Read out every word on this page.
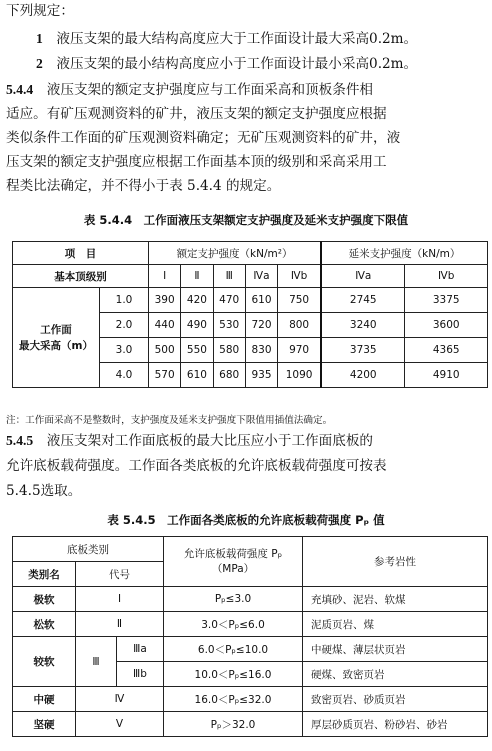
下列规定：
1　 液压支架的最大结构高度应大于工作面设计最大采高0.2m。
2　 液压支架的最小结构高度应小于工作面设计最小采高0.2m。
5.4.4　 液压支架的额定支护强度应与工作面采高和顶板条件相
适应。有矿压观测资料的矿井，液压支架的额定支护强度应根据
类似条件工作面的矿压观测资料确定；无矿压观测资料的矿井，液
压支架的额定支护强度应根据工作面基本顶的级别和采高采用工
程类比法确定，并不得小于表 5.4.4 的规定。
表 5.4.4　工作面液压支架额定支护强度及延米支护强度下限值
项　目		额定支护强度（kN/m²）					延米支护强度（kN/m）	
基本顶级别		Ⅰ	Ⅱ	Ⅲ	Ⅳa	Ⅳb	Ⅳa	Ⅳb
工作面
最大采高（m）	1.0	390	420	470	610	750	2745	3375
	2.0	440	490	530	720	800	3240	3600
	3.0	500	550	580	830	970	3735	4365
	4.0	570	610	680	935	1090	4200	4910
注：工作面采高不是整数时，支护强度及延米支护强度下限值用插值法确定。
5.4.5　 液压支架对工作面底板的最大比压应小于工作面底板的
允许底板载荷强度。工作面各类底板的允许底板载荷强度可按表
5.4.5选取。
表 5.4.5　工作面各类底板的允许底板载荷强度 Pₚ 值
底板类别			允许底板载荷强度 Pₚ
（MPa）	参考岩性
类别名	代号			
极软	Ⅰ		Pₚ≤3.0	充填砂、泥岩、软煤
松软	Ⅱ		3.0＜Pₚ≤6.0	泥质页岩、煤
较软	Ⅲ	Ⅲa	6.0＜Pₚ≤10.0	中硬煤、薄层状页岩
		Ⅲb	10.0＜Pₚ≤16.0	硬煤、致密页岩
中硬	Ⅳ		16.0＜Pₚ≤32.0	致密页岩、砂质页岩
坚硬	Ⅴ		Pₚ＞32.0	厚层砂质页岩、粉砂岩、砂岩
